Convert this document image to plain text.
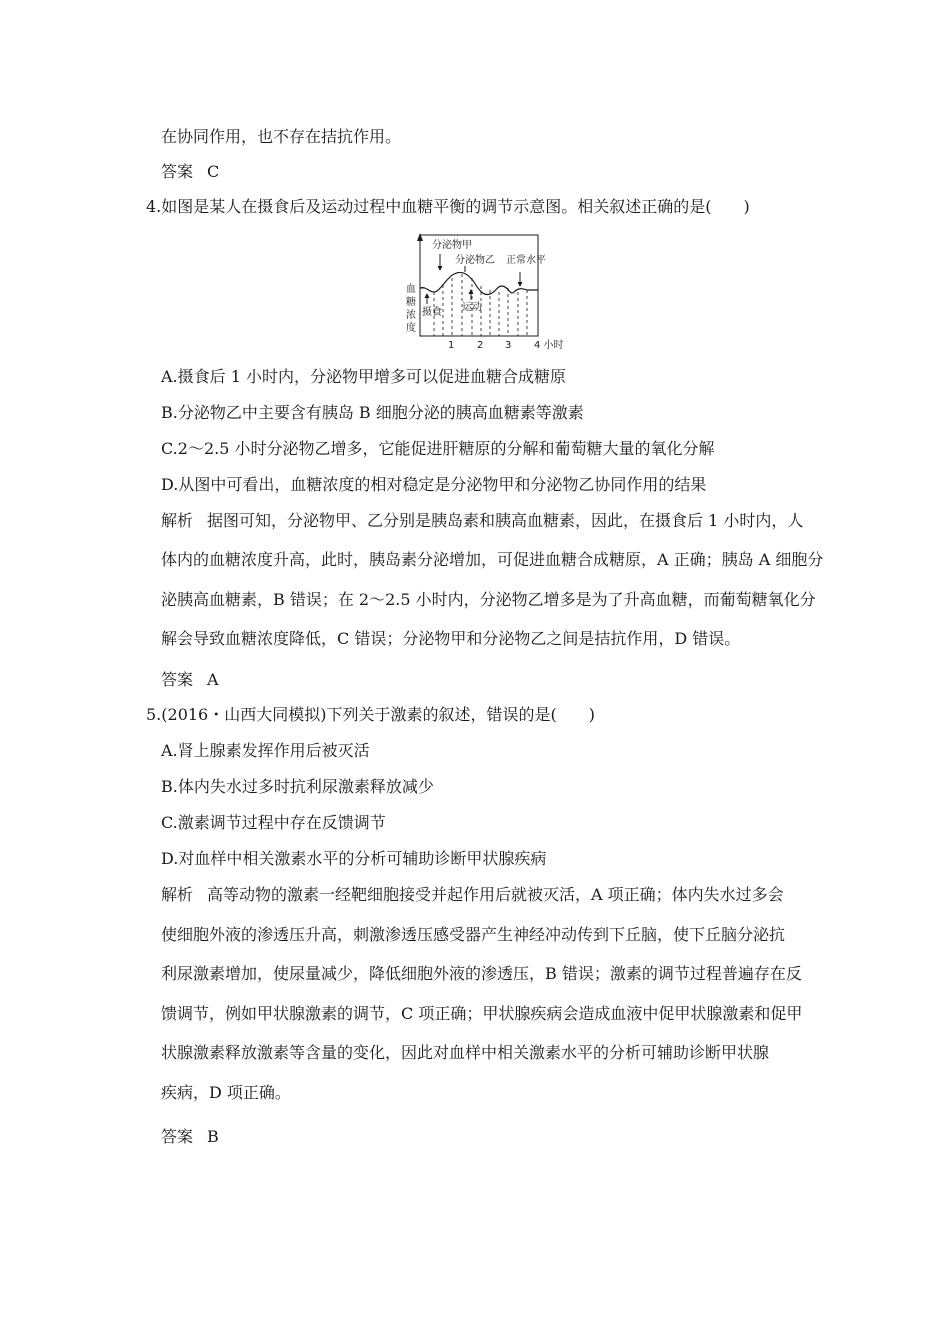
在协同作用，也不存在拮抗作用。
答案 C
4.如图是某人在摄食后及运动过程中血糖平衡的调节示意图。相关叙述正确的是(　　)
血
糖
浓
度
分泌物甲
分泌物乙 正常水平
摄食 运动
1 2 3 4 小时
A.摄食后 1 小时内，分泌物甲增多可以促进血糖合成糖原
B.分泌物乙中主要含有胰岛 B 细胞分泌的胰高血糖素等激素
C.2～2.5 小时分泌物乙增多，它能促进肝糖原的分解和葡萄糖大量的氧化分解
D.从图中可看出，血糖浓度的相对稳定是分泌物甲和分泌物乙协同作用的结果
解析 据图可知，分泌物甲、乙分别是胰岛素和胰高血糖素，因此，在摄食后 1 小时内，人
体内的血糖浓度升高，此时，胰岛素分泌增加，可促进血糖合成糖原，A 正确；胰岛 A 细胞分
泌胰高血糖素，B 错误；在 2～2.5 小时内，分泌物乙增多是为了升高血糖，而葡萄糖氧化分
解会导致血糖浓度降低，C 错误；分泌物甲和分泌物乙之间是拮抗作用，D 错误。
答案 A
5.(2016・山西大同模拟)下列关于激素的叙述，错误的是(　　)
A.肾上腺素发挥作用后被灭活
B.体内失水过多时抗利尿激素释放减少
C.激素调节过程中存在反馈调节
D.对血样中相关激素水平的分析可辅助诊断甲状腺疾病
解析 高等动物的激素一经靶细胞接受并起作用后就被灭活，A 项正确；体内失水过多会
使细胞外液的渗透压升高，刺激渗透压感受器产生神经冲动传到下丘脑，使下丘脑分泌抗
利尿激素增加，使尿量减少，降低细胞外液的渗透压，B 错误；激素的调节过程普遍存在反
馈调节，例如甲状腺激素的调节，C 项正确；甲状腺疾病会造成血液中促甲状腺激素和促甲
状腺激素释放激素等含量的变化，因此对血样中相关激素水平的分析可辅助诊断甲状腺
疾病，D 项正确。
答案 B
